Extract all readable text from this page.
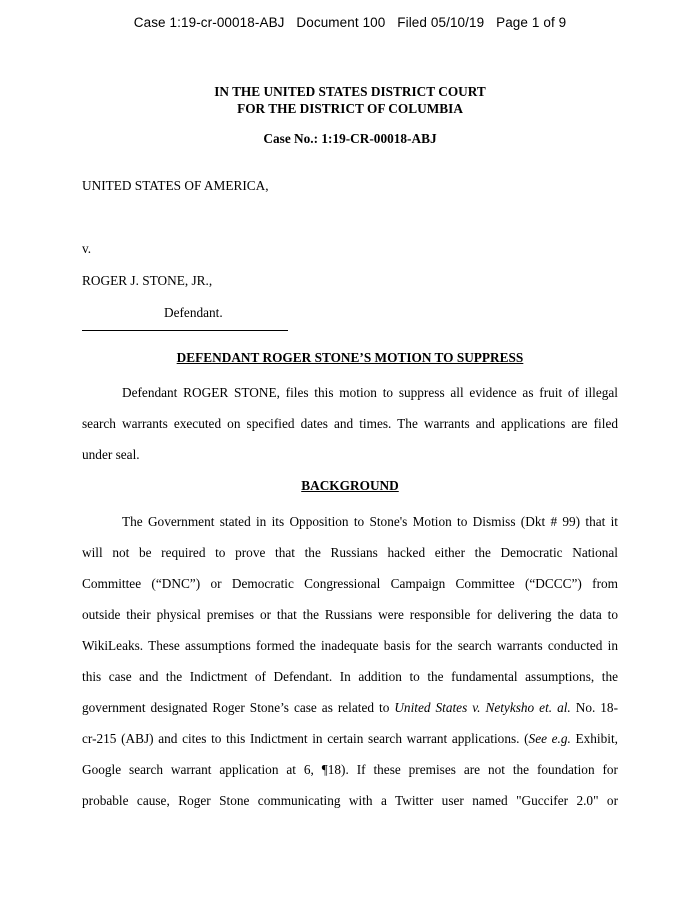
Case 1:19-cr-00018-ABJ Document 100 Filed 05/10/19 Page 1 of 9
IN THE UNITED STATES DISTRICT COURT
FOR THE DISTRICT OF COLUMBIA
Case No.: 1:19-CR-00018-ABJ
UNITED STATES OF AMERICA,
v.
ROGER J. STONE, JR.,
Defendant.
DEFENDANT ROGER STONE’S MOTION TO SUPPRESS
Defendant ROGER STONE, files this motion to suppress all evidence as fruit of illegal
search warrants executed on specified dates and times. The warrants and applications are filed
under seal.
BACKGROUND
The Government stated in its Opposition to Stone's Motion to Dismiss (Dkt # 99) that it
will not be required to prove that the Russians hacked either the Democratic National
Committee (“DNC”) or Democratic Congressional Campaign Committee (“DCCC”) from
outside their physical premises or that the Russians were responsible for delivering the data to
WikiLeaks. These assumptions formed the inadequate basis for the search warrants conducted in
this case and the Indictment of Defendant. In addition to the fundamental assumptions, the
government designated Roger Stone’s case as related to United States v. Netyksho et. al. No. 18-
cr-215 (ABJ) and cites to this Indictment in certain search warrant applications. (See e.g. Exhibit,
Google search warrant application at 6, ¶18). If these premises are not the foundation for
probable cause, Roger Stone communicating with a Twitter user named "Guccifer 2.0" or
